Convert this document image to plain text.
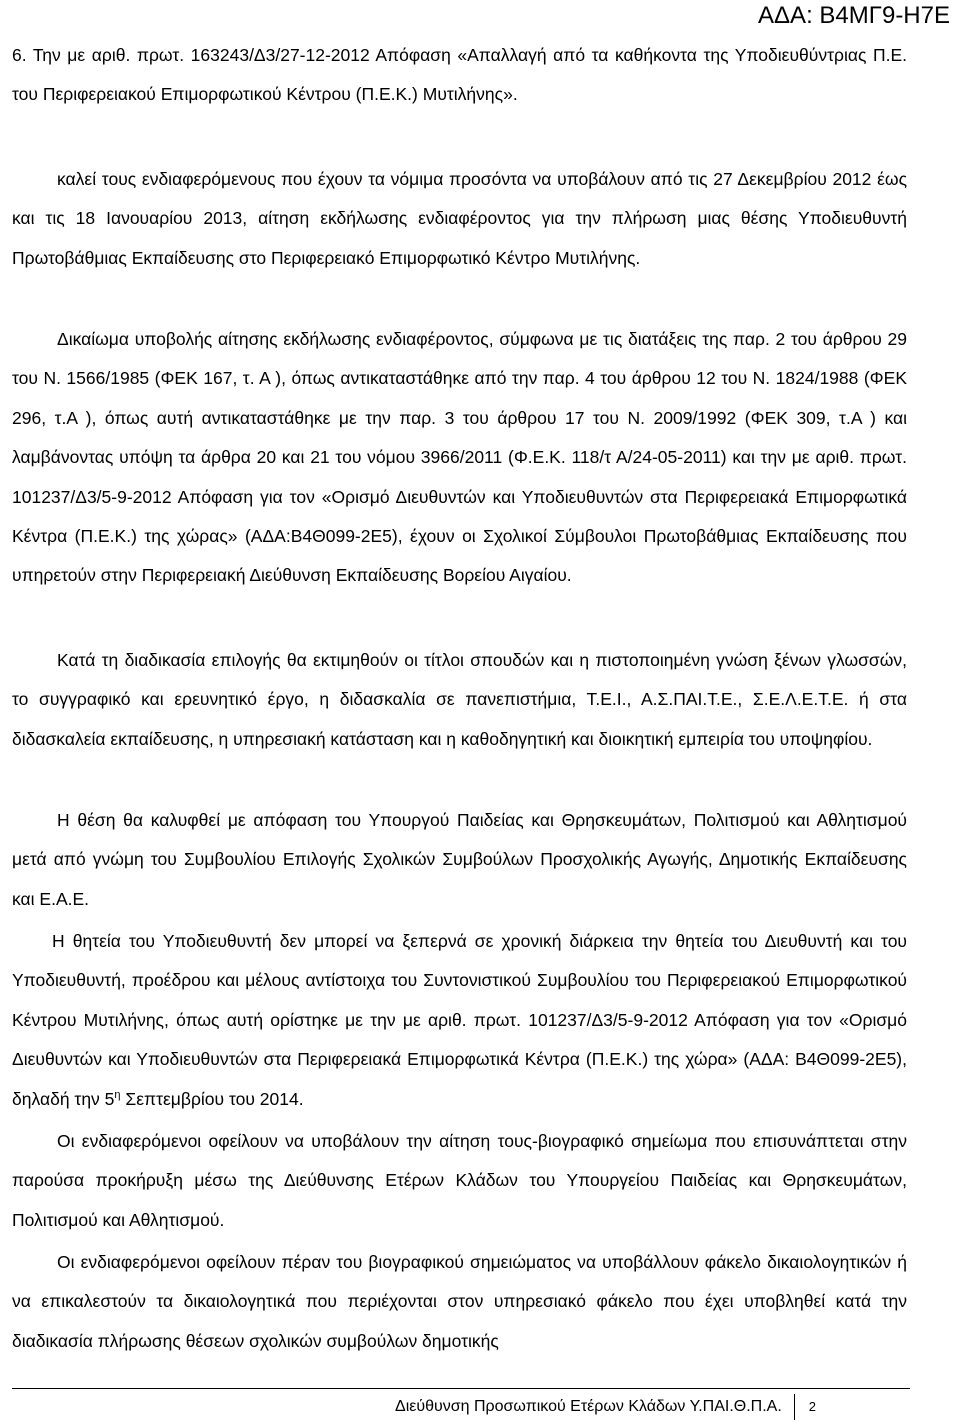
ΑΔΑ: Β4ΜΓ9-Η7Ε

6. Την με αριθ. πρωτ. 163243/Δ3/27-12-2012 Απόφαση «Απαλλαγή από τα καθήκοντα της Υποδιευθύντριας Π.Ε. του Περιφερειακού Επιμορφωτικού Κέντρου (Π.Ε.Κ.) Μυτιλήνης».

καλεί τους ενδιαφερόμενους που έχουν τα νόμιμα προσόντα να υποβάλουν από τις 27 Δεκεμβρίου 2012 έως και τις 18 Ιανουαρίου 2013, αίτηση εκδήλωσης ενδιαφέροντος για την πλήρωση μιας θέσης Υποδιευθυντή Πρωτοβάθμιας Εκπαίδευσης στο Περιφερειακό Επιμορφωτικό Κέντρο Μυτιλήνης.

Δικαίωμα υποβολής αίτησης εκδήλωσης ενδιαφέροντος, σύμφωνα με τις διατάξεις της παρ. 2 του άρθρου 29 του Ν. 1566/1985 (ΦΕΚ 167, τ. Α ), όπως αντικαταστάθηκε από την παρ. 4 του άρθρου 12 του Ν. 1824/1988 (ΦΕΚ 296, τ.Α ), όπως αυτή αντικαταστάθηκε με την παρ. 3 του άρθρου 17 του Ν. 2009/1992 (ΦΕΚ 309, τ.Α ) και λαμβάνοντας υπόψη τα άρθρα 20 και 21 του νόμου 3966/2011 (Φ.Ε.Κ. 118/τ Α/24-05-2011) και την με αριθ. πρωτ. 101237/Δ3/5-9-2012 Απόφαση για τον «Ορισμό Διευθυντών και Υποδιευθυντών στα Περιφερειακά Επιμορφωτικά Κέντρα (Π.Ε.Κ.) της χώρας» (ΑΔΑ:Β4Θ099-2Ε5), έχουν οι Σχολικοί Σύμβουλοι Πρωτοβάθμιας Εκπαίδευσης που υπηρετούν στην Περιφερειακή Διεύθυνση Εκπαίδευσης Βορείου Αιγαίου.

Κατά τη διαδικασία επιλογής θα εκτιμηθούν οι τίτλοι σπουδών και η πιστοποιημένη γνώση ξένων γλωσσών, το συγγραφικό και ερευνητικό έργο, η διδασκαλία σε πανεπιστήμια, Τ.Ε.Ι., Α.Σ.ΠΑΙ.Τ.Ε., Σ.Ε.Λ.Ε.Τ.Ε. ή στα διδασκαλεία εκπαίδευσης, η υπηρεσιακή κατάσταση και η καθοδηγητική και διοικητική εμπειρία του υποψηφίου.

Η θέση θα καλυφθεί με απόφαση του Υπουργού Παιδείας και Θρησκευμάτων, Πολιτισμού και Αθλητισμού μετά από γνώμη του Συμβουλίου Επιλογής Σχολικών Συμβούλων Προσχολικής Αγωγής, Δημοτικής Εκπαίδευσης και Ε.Α.Ε.

Η θητεία του Υποδιευθυντή δεν μπορεί να ξεπερνά σε χρονική διάρκεια την θητεία του Διευθυντή και του Υποδιευθυντή, προέδρου και μέλους αντίστοιχα του Συντονιστικού Συμβουλίου του Περιφερειακού Επιμορφωτικού Κέντρου Μυτιλήνης, όπως αυτή ορίστηκε με την με αριθ. πρωτ. 101237/Δ3/5-9-2012 Απόφαση για τον «Ορισμό Διευθυντών και Υποδιευθυντών στα Περιφερειακά Επιμορφωτικά Κέντρα (Π.Ε.Κ.) της χώρα» (ΑΔΑ: Β4Θ099-2Ε5), δηλαδή την $5^\eta$ Σεπτεμβρίου του 2014.

Οι ενδιαφερόμενοι οφείλουν να υποβάλουν την αίτηση τους-βιογραφικό σημείωμα που επισυνάπτεται στην παρούσα προκήρυξη μέσω της Διεύθυνσης Ετέρων Κλάδων του Υπουργείου Παιδείας και Θρησκευμάτων, Πολιτισμού και Αθλητισμού.

Οι ενδιαφερόμενοι οφείλουν πέραν του βιογραφικού σημειώματος να υποβάλλουν φάκελο δικαιολογητικών ή να επικαλεστούν τα δικαιολογητικά που περιέχονται στον υπηρεσιακό φάκελο που έχει υποβληθεί κατά την διαδικασία πλήρωσης θέσεων σχολικών συμβούλων δημοτικής

Διεύθυνση Προσωπικού Ετέρων Κλάδων Υ.ΠΑΙ.Θ.Π.Α. 2
